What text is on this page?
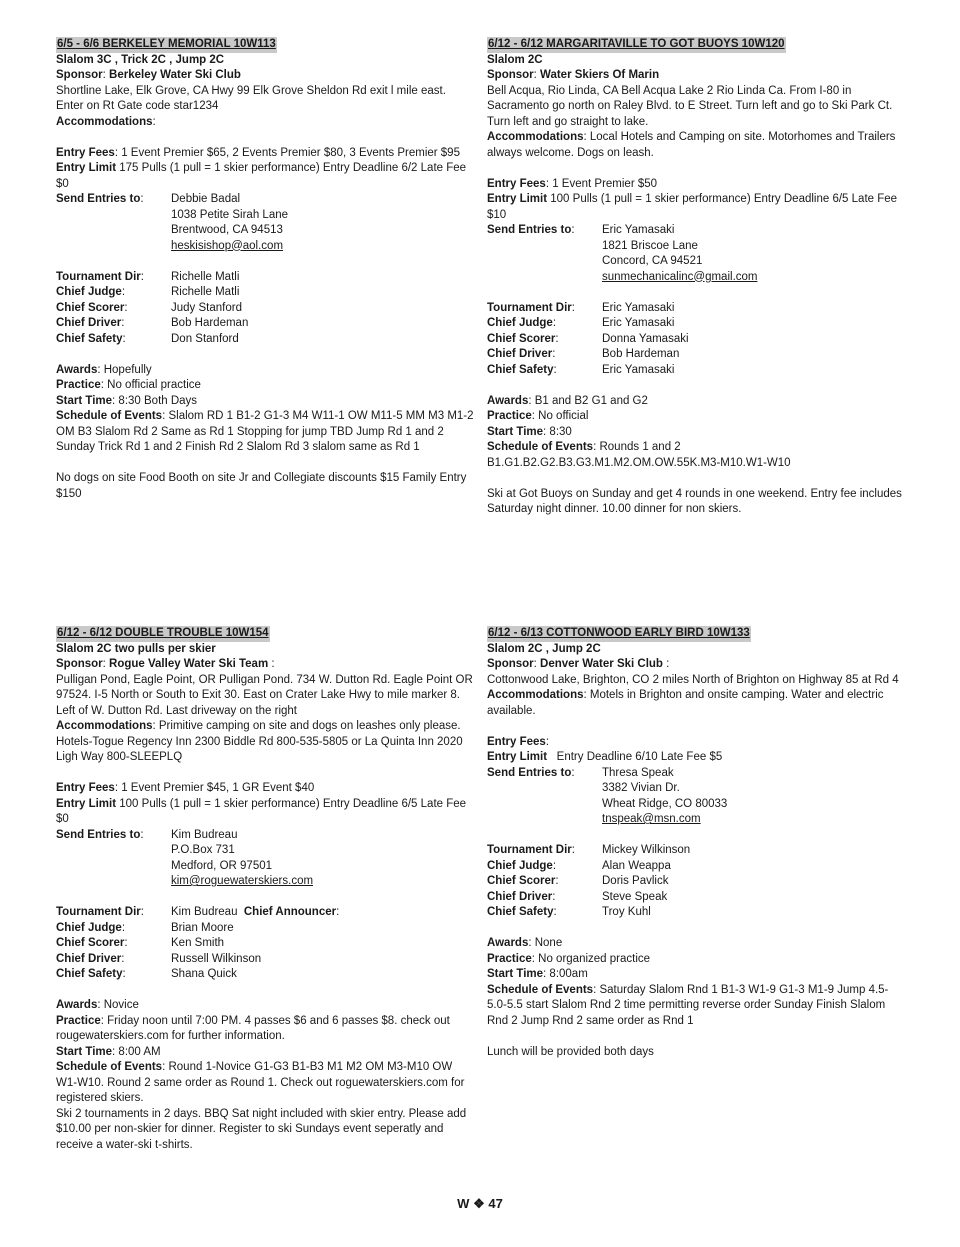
6/5 - 6/6 BERKELEY MEMORIAL 10W113
Slalom 3C , Trick 2C , Jump 2C
Sponsor: Berkeley Water Ski Club
Shortline Lake, Elk Grove, CA Hwy 99 Elk Grove Sheldon Rd exit l mile east. Enter on Rt Gate code star1234
Accommodations:
Entry Fees: 1 Event Premier $65, 2 Events Premier $80, 3 Events Premier $95
Entry Limit 175 Pulls (1 pull = 1 skier performance) Entry Deadline 6/2 Late Fee $0
Send Entries to:	Debbie Badal
1038 Petite Sirah Lane
Brentwood, CA 94513
heskisishop@aol.com
Tournament Dir:	Richelle Matli
Chief Judge:	Richelle Matli
Chief Scorer:	Judy Stanford
Chief Driver:	Bob Hardeman
Chief Safety:	Don Stanford
Awards: Hopefully
Practice: No official practice
Start Time: 8:30 Both Days
Schedule of Events: Slalom RD 1 B1-2 G1-3 M4 W11-1 OW M11-5 MM M3 M1-2 OM B3 Slalom Rd 2 Same as Rd 1 Stopping for jump TBD Jump Rd 1 and 2 Sunday Trick Rd 1 and 2 Finish Rd 2 Slalom Rd 3 slalom same as Rd 1
No dogs on site Food Booth on site Jr and Collegiate discounts $15 Family Entry $150
6/12 - 6/12 MARGARITAVILLE TO GOT BUOYS 10W120
Slalom 2C
Sponsor: Water Skiers Of Marin
Bell Acqua, Rio Linda, CA Bell Acqua Lake 2 Rio Linda Ca. From I-80 in Sacramento go north on Raley Blvd. to E Street. Turn left and go to Ski Park Ct. Turn left and go straight to lake.
Accommodations: Local Hotels and Camping on site. Motorhomes and Trailers always welcome. Dogs on leash.
Entry Fees: 1 Event Premier $50
Entry Limit 100 Pulls (1 pull = 1 skier performance) Entry Deadline 6/5 Late Fee $10
Send Entries to:	Eric Yamasaki
1821 Briscoe Lane
Concord, CA 94521
sunmechanicalinc@gmail.com
Tournament Dir:	Eric Yamasaki
Chief Judge:	Eric Yamasaki
Chief Scorer:	Donna Yamasaki
Chief Driver:	Bob Hardeman
Chief Safety:	Eric Yamasaki
Awards: B1 and B2 G1 and G2
Practice: No official
Start Time: 8:30
Schedule of Events: Rounds 1 and 2 B1.G1.B2.G2.B3.G3.M1.M2.OM.OW.55K.M3-M10.W1-W10
Ski at Got Buoys on Sunday and get 4 rounds in one weekend. Entry fee includes Saturday night dinner. 10.00 dinner for non skiers.
6/12 - 6/12 DOUBLE TROUBLE 10W154
Slalom 2C two pulls per skier
Sponsor: Rogue Valley Water Ski Team :
Pulligan Pond, Eagle Point, OR Pulligan Pond. 734 W. Dutton Rd. Eagle Point OR 97524. I-5 North or South to Exit 30. East on Crater Lake Hwy to mile marker 8. Left of W. Dutton Rd. Last driveway on the right
Accommodations: Primitive camping on site and dogs on leashes only please. Hotels-Togue Regency Inn 2300 Biddle Rd 800-535-5805 or La Quinta Inn 2020 Ligh Way 800-SLEEPLQ
Entry Fees: 1 Event Premier $45, 1 GR Event $40
Entry Limit 100 Pulls (1 pull = 1 skier performance) Entry Deadline 6/5 Late Fee $0
Send Entries to:	Kim Budreau
P.O.Box 731
Medford, OR 97501
kim@roguewaterskiers.com
Tournament Dir:	Kim Budreau Chief Announcer:
Chief Judge:	Brian Moore
Chief Scorer:	Ken Smith
Chief Driver:	Russell Wilkinson
Chief Safety:	Shana Quick
Awards: Novice
Practice: Friday noon until 7:00 PM. 4 passes $6 and 6 passes $8. check out rougewaterskiers.com for further information.
Start Time: 8:00 AM
Schedule of Events: Round 1-Novice G1-G3 B1-B3 M1 M2 OM M3-M10 OW W1-W10. Round 2 same order as Round 1. Check out roguewaterskiers.com for registered skiers.
Ski 2 tournaments in 2 days. BBQ Sat night included with skier entry. Please add $10.00 per non-skier for dinner. Register to ski Sundays event seperatly and receive a water-ski t-shirts.
6/12 - 6/13 COTTONWOOD EARLY BIRD 10W133
Slalom 2C , Jump 2C
Sponsor: Denver Water Ski Club :
Cottonwood Lake, Brighton, CO 2 miles North of Brighton on Highway 85 at Rd 4
Accommodations: Motels in Brighton and onsite camping. Water and electric available.
Entry Fees:
Entry Limit Entry Deadline 6/10 Late Fee $5
Send Entries to:	Thresa Speak
3382 Vivian Dr.
Wheat Ridge, CO 80033
tnspeak@msn.com
Tournament Dir:	Mickey Wilkinson
Chief Judge:	Alan Weappa
Chief Scorer:	Doris Pavlick
Chief Driver:	Steve Speak
Chief Safety:	Troy Kuhl
Awards: None
Practice: No organized practice
Start Time: 8:00am
Schedule of Events: Saturday Slalom Rnd 1 B1-3 W1-9 G1-3 M1-9 Jump 4.5-5.0-5.5 start Slalom Rnd 2 time permitting reverse order Sunday Finish Slalom Rnd 2 Jump Rnd 2 same order as Rnd 1
Lunch will be provided both days
W ❖ 47
